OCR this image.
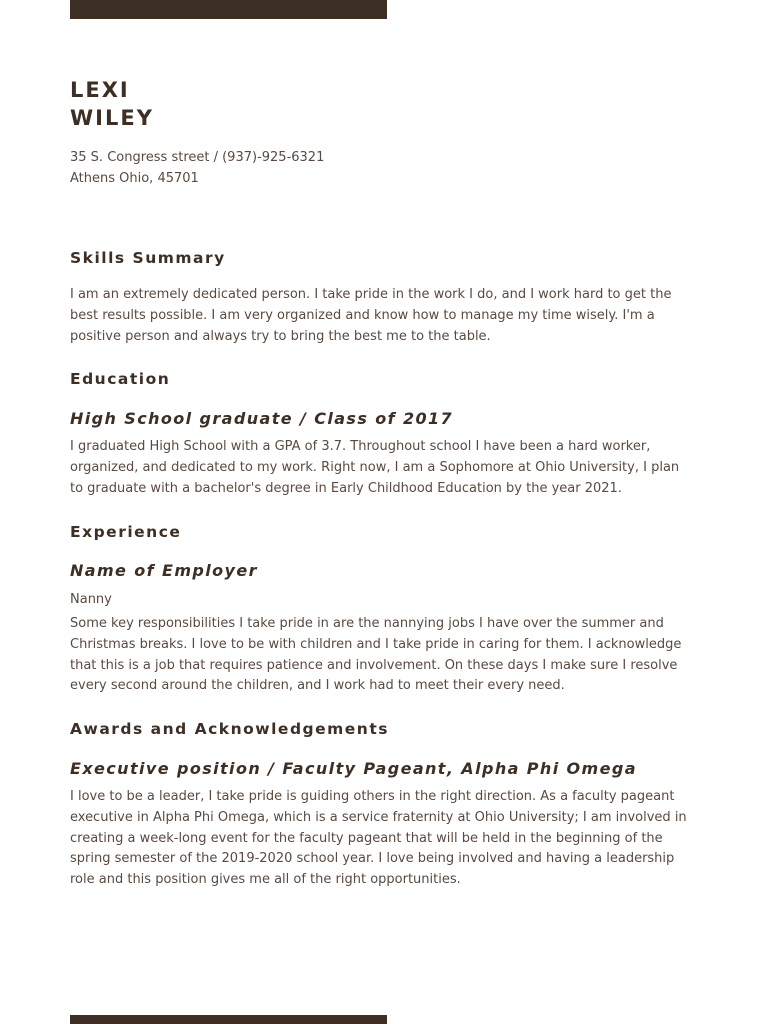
LEXI
WILEY
35 S. Congress street / (937)-925-6321
Athens Ohio, 45701
Skills Summary
I am an extremely dedicated person. I take pride in the work I do, and I work hard to get the
best results possible. I am very organized and know how to manage my time wisely. I'm a
positive person and always try to bring the best me to the table.
Education
High School graduate / Class of 2017
I graduated High School with a GPA of 3.7. Throughout school I have been a hard worker,
organized, and dedicated to my work. Right now, I am a Sophomore at Ohio University, I plan
to graduate with a bachelor's degree in Early Childhood Education by the year 2021.
Experience
Name of Employer
Nanny
Some key responsibilities I take pride in are the nannying jobs I have over the summer and
Christmas breaks. I love to be with children and I take pride in caring for them. I acknowledge
that this is a job that requires patience and involvement. On these days I make sure I resolve
every second around the children, and I work had to meet their every need.
Awards and Acknowledgements
Executive position / Faculty Pageant, Alpha Phi Omega
I love to be a leader, I take pride is guiding others in the right direction. As a faculty pageant
executive in Alpha Phi Omega, which is a service fraternity at Ohio University; I am involved in
creating a week-long event for the faculty pageant that will be held in the beginning of the
spring semester of the 2019-2020 school year. I love being involved and having a leadership
role and this position gives me all of the right opportunities.
